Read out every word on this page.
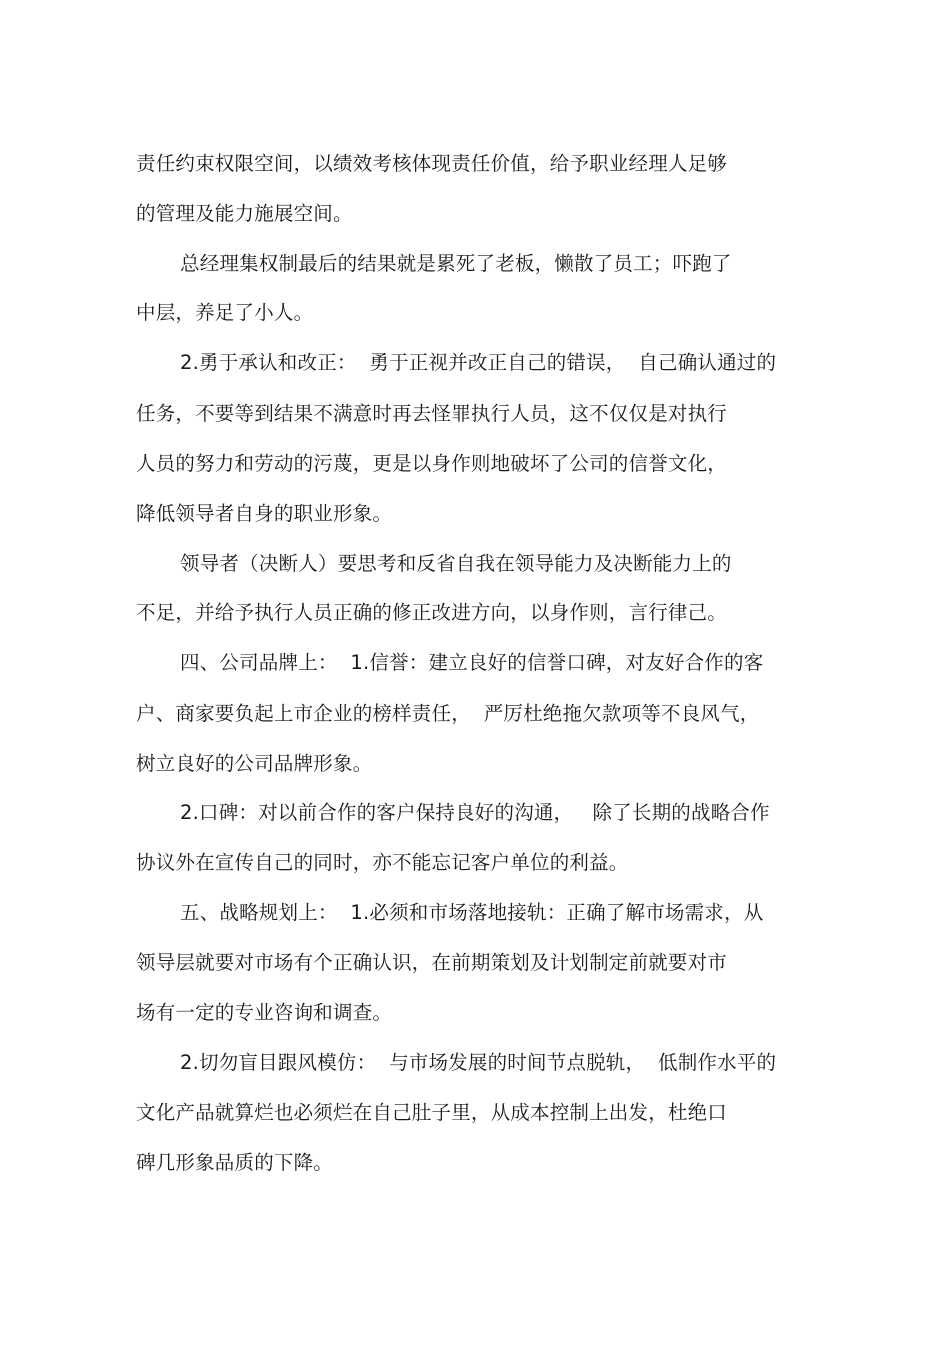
责任约束权限空间，以绩效考核体现责任价值，给予职业经理人足够
的管理及能力施展空间。
总经理集权制最后的结果就是累死了老板，懒散了员工；吓跑了
中层，养足了小人。
2.勇于承认和改正：  勇于正视并改正自己的错误，  自己确认通过的
任务，不要等到结果不满意时再去怪罪执行人员，这不仅仅是对执行
人员的努力和劳动的污蔑，更是以身作则地破坏了公司的信誉文化，
降低领导者自身的职业形象。
领导者（决断人）要思考和反省自我在领导能力及决断能力上的
不足，并给予执行人员正确的修正改进方向，以身作则，言行律己。
四、公司品牌上：  1.信誉：建立良好的信誉口碑，对友好合作的客
户、商家要负起上市企业的榜样责任，  严厉杜绝拖欠款项等不良风气，
树立良好的公司品牌形象。
2.口碑：对以前合作的客户保持良好的沟通，   除了长期的战略合作
协议外在宣传自己的同时，亦不能忘记客户单位的利益。
五、战略规划上：  1.必须和市场落地接轨：正确了解市场需求，从
领导层就要对市场有个正确认识，在前期策划及计划制定前就要对市
场有一定的专业咨询和调查。
2.切勿盲目跟风模仿：  与市场发展的时间节点脱轨，  低制作水平的
文化产品就算烂也必须烂在自己肚子里，从成本控制上出发，杜绝口
碑几形象品质的下降。
